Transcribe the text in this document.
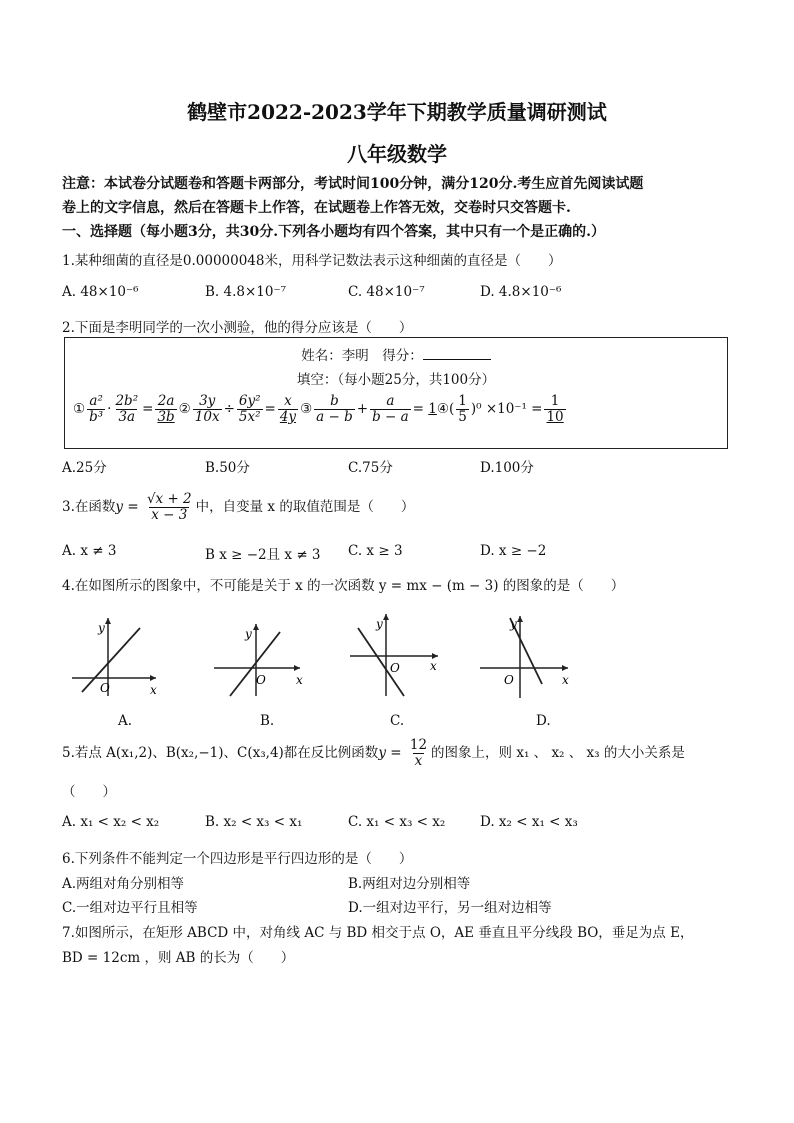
鹤壁市2022-2023学年下期教学质量调研测试
八年级数学
注意：本试卷分试题卷和答题卡两部分，考试时间100分钟，满分120分.考生应首先阅读试题
卷上的文字信息，然后在答题卡上作答，在试题卷上作答无效，交卷时只交答题卡.
一、选择题（每小题3分，共30分.下列各小题均有四个答案，其中只有一个是正确的.）
1.某种细菌的直径是0.00000048米，用科学记数法表示这种细菌的直径是（　　）
A. 48×10⁻⁶	B. 4.8×10⁻⁷	C. 48×10⁻⁷	D. 4.8×10⁻⁶
2.下面是李明同学的一次小测验，他的得分应该是（　　）
姓名：李明　得分：
填空：（每小题25分，共100分）
① $\frac{\text{a²}}{\text{b³}} \cdot \frac{\text{2b²}}{3a} = \frac{2a}{3b}$ ② $\frac{3y}{10x} \div \frac{\text{6y²}}{\text{5x²}} = \frac{x}{4y}$ ③ $\frac{b}{a - b} + \frac{a}{b - a}$ = 1④( $\frac{1}{5} )^0 \times 10^{-1} = \frac{1}{10}$
A.25分	B.50分	C.75分	D.100分
3.在函数$y = \frac{√x + 2}{x - 3}$ 中，自变量 x 的取值范围是（　　）
A. x ≠ 3	B x ≥ −2且 x ≠ 3 C. x ≥ 3	D. x ≥ −2
4.在如图所示的图象中，不可能是关于 x 的一次函数 y = mx − (m − 3) 的图象的是（　　）
y
x
O
y
x
O
y
x
O
y
x
O
A.	B.	C.	D.
5.若点 A(x₁,2)、B(x₂,−1)、C(x₃,4)都在反比例函数$y = \frac{12}{x}$ 的图象上，则 x₁ 、 x₂ 、 x₃ 的大小关系是
（　　）
A. x₁ < x₂ < x₂	B. x₂ < x₃ < x₁	C. x₁ < x₃ < x₂	D. x₂ < x₁ < x₃
6.下列条件不能判定一个四边形是平行四边形的是（　　）
A.两组对角分别相等	B.两组对边分别相等
C.一组对边平行且相等	D.一组对边平行，另一组对边相等
7.如图所示，在矩形 ABCD 中，对角线 AC 与 BD 相交于点 O，AE 垂直且平分线段 BO，垂足为点 E，
BD = 12cm ，则 AB 的长为（　　）
